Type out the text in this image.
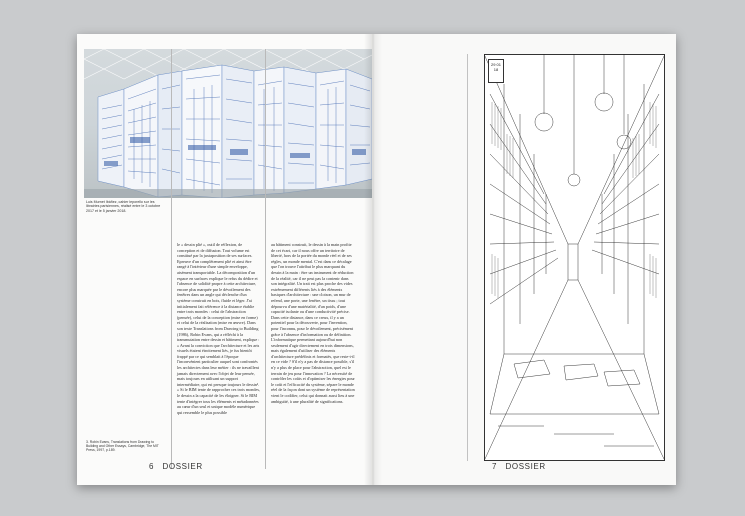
Luis Murnet Ibáñez, cahier leporello sur les librairies parisiennes, réalisé entre le 3 octobre 2017 et le 5 janvier 2018.

le « dessin plié », outil de réflexion, de conception et de diffusion. Tout volume est constitué par la juxtaposition de ses surfaces. Epreuve d'un complètement plié et ainsi être rangé à l'intérieur d'une simple enveloppe, aisément transportable. La décomposition d'un espace en surfaces explique le refus du dédire et l'absence de solidité propre à cette architecture, encore plus marquée par le dévoilement des fenêtres dans un angle qui déclenche d'un système construit en bois, fluide et léger. J'ai initialement fait référence à la distance établie entre trois mondes : celui de l'abstraction (pensée), celui de la conception (mise en forme) et celui de la réalisation (mise en œuvre). Dans son texte Translations from Drawing to Building (1986), Robin Evans, qui a réfléchi à la transmutation entre dessin et bâtiment, explique : « Avant la conviction que l'architecture et les arts visuels étaient étroitement liés, je fus bientôt frappé par ce qui semblait à l'époque l'inconvénient particulier auquel sont confrontés les architectes dans leur métier : ils ne travaillent jamais directement avec l'objet de leur pensée, mais toujours en utilisant un support intermédiaire, qui est presque toujours le dessin³. » Si le BIM tente de rapprocher ces trois mondes, le dessin a la capacité de les éloigner. Si le BIM tente d'intégrer tous les éléments et métadonnées au cœur d'un seul et unique modèle numérique qui ressemble le plus possible

au bâtiment construit, le dessin à la main profite de cet écart, car il nous offre un territoire de liberté, hors de la portée du monde réel et de ses règles, un monde mental. C'est dans ce décalage que l'on trouve l'attribut le plus marquant du dessin à la main : être un instrument de réduction de la réalité, car il ne peut pas la contenir dans son intégralité. Un trait est plus proche des vides extrêmement différents liés à des éléments basiques d'architecture : une cloison, un mur de refend, une porte, une fenêtre, un tissu ; tout dépourvu d'une matérialité, d'un poids, d'une capacité isolante ou d'une conductivité précise. Dans cette distance, dans ce creux, il y a un potentiel pour la découverte, pour l'invention, pour l'inconnu, pour le dévoilement, précisément grâce à l'absence d'information ou de définition. L'informatique permettant aujourd'hui non seulement d'agir directement en trois dimensions, mais également d'utiliser des éléments d'architecture prédéfinis et formatés, que reste-t-il en ce vide ? S'il n'y a pas de distance possible, s'il n'y a plus de place pour l'abstraction, quel est le terrain de jeu pour l'innovation ? La nécessité de contrôler les coûts et d'optimiser les énergies pour le coût et l'efficacité du système, sépare le monde réel de la façon dont un système de représentation vient le codifier, celui qui donnait aussi lieu à une ambiguïté, à une pluralité de significations.

3. Robin Evans, Translations from Drawing to Building and Other Essays, Cambridge, The MIT Press, 1997, p.189.
6 DOSSIER
29 01 18
7 DOSSIER
